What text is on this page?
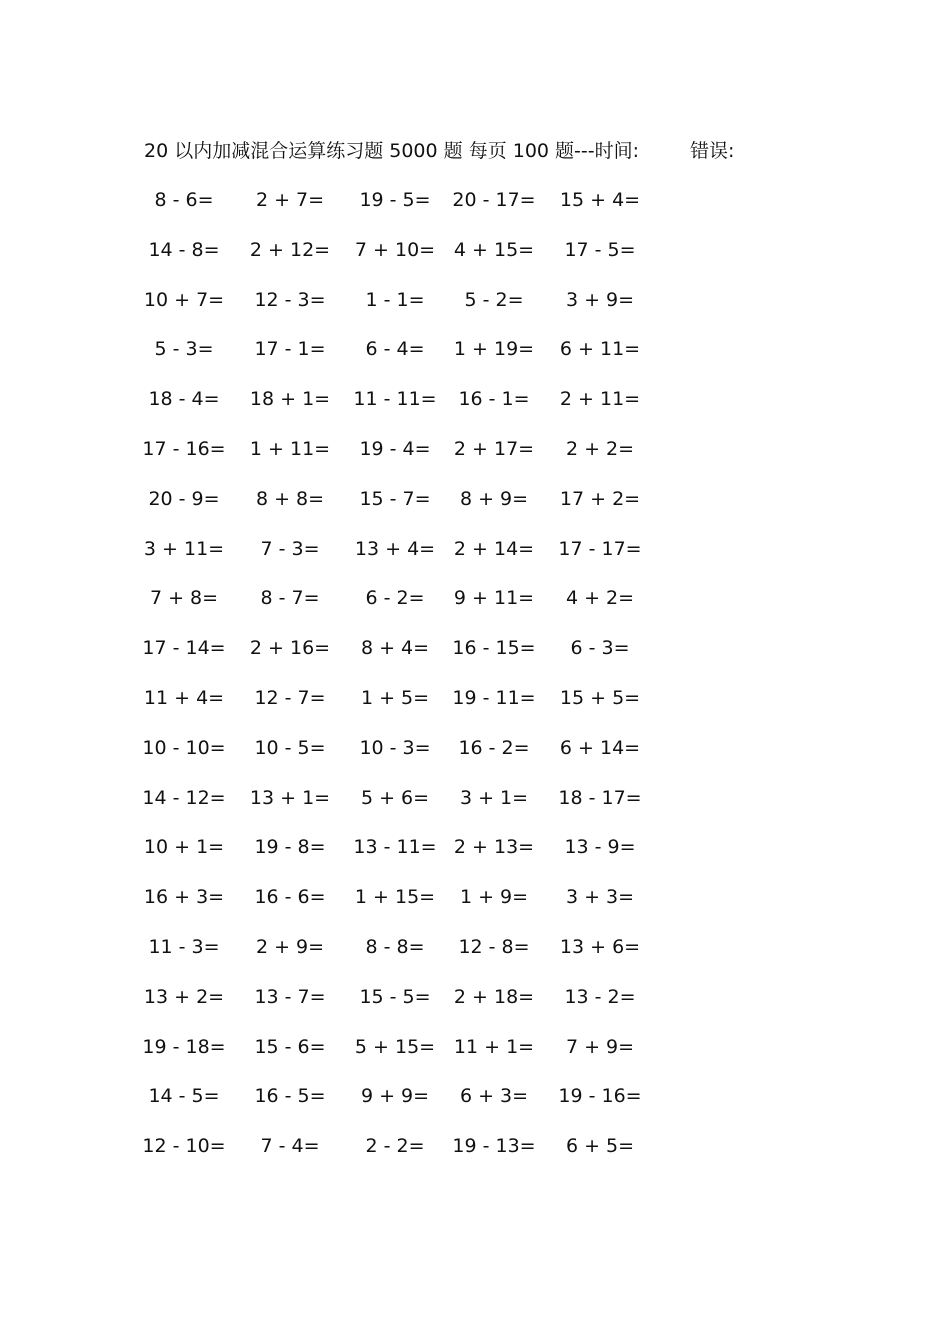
20 以内加减混合运算练习题 5000 题 每页 100 题---时间:	错误:
8 - 6=	2 + 7=	19 - 5=	20 - 17=	15 + 4=
14 - 8=	2 + 12=	7 + 10= 4 + 15=	17 - 5=
10 + 7=	12 - 3=	1 - 1=	5 - 2=	3 + 9=
5 - 3=	17 - 1=	6 - 4=	1 + 19=	6 + 11=
18 - 4=	18 + 1=	11 - 11=	16 - 1=	2 + 11=
17 - 16=	1 + 11=	19 - 4=	2 + 17=	2 + 2=
20 - 9=	8 + 8=	15 - 7=	8 + 9=	17 + 2=
3 + 11=	7 - 3=	13 + 4= 2 + 14=	17 - 17=
7 + 8=	8 - 7=	6 - 2=	9 + 11=	4 + 2=
17 - 14=	2 + 16=	8 + 4=	16 - 15=	6 - 3=
11 + 4=	12 - 7=	1 + 5=	19 - 11=	15 + 5=
10 - 10=	10 - 5=	10 - 3=	16 - 2=	6 + 14=
14 - 12=	13 + 1=	5 + 6=	3 + 1=	18 - 17=
10 + 1=	19 - 8=	13 - 11= 2 + 13=	13 - 9=
16 + 3=	16 - 6=	1 + 15=	1 + 9=	3 + 3=
11 - 3=	2 + 9=	8 - 8=	12 - 8=	13 + 6=
13 + 2=	13 - 7=	15 - 5=	2 + 18=	13 - 2=
19 - 18=	15 - 6=	5 + 15= 11 + 1=	7 + 9=
14 - 5=	16 - 5=	9 + 9=	6 + 3=	19 - 16=
12 - 10=	7 - 4=	2 - 2=	19 - 13=	6 + 5=
